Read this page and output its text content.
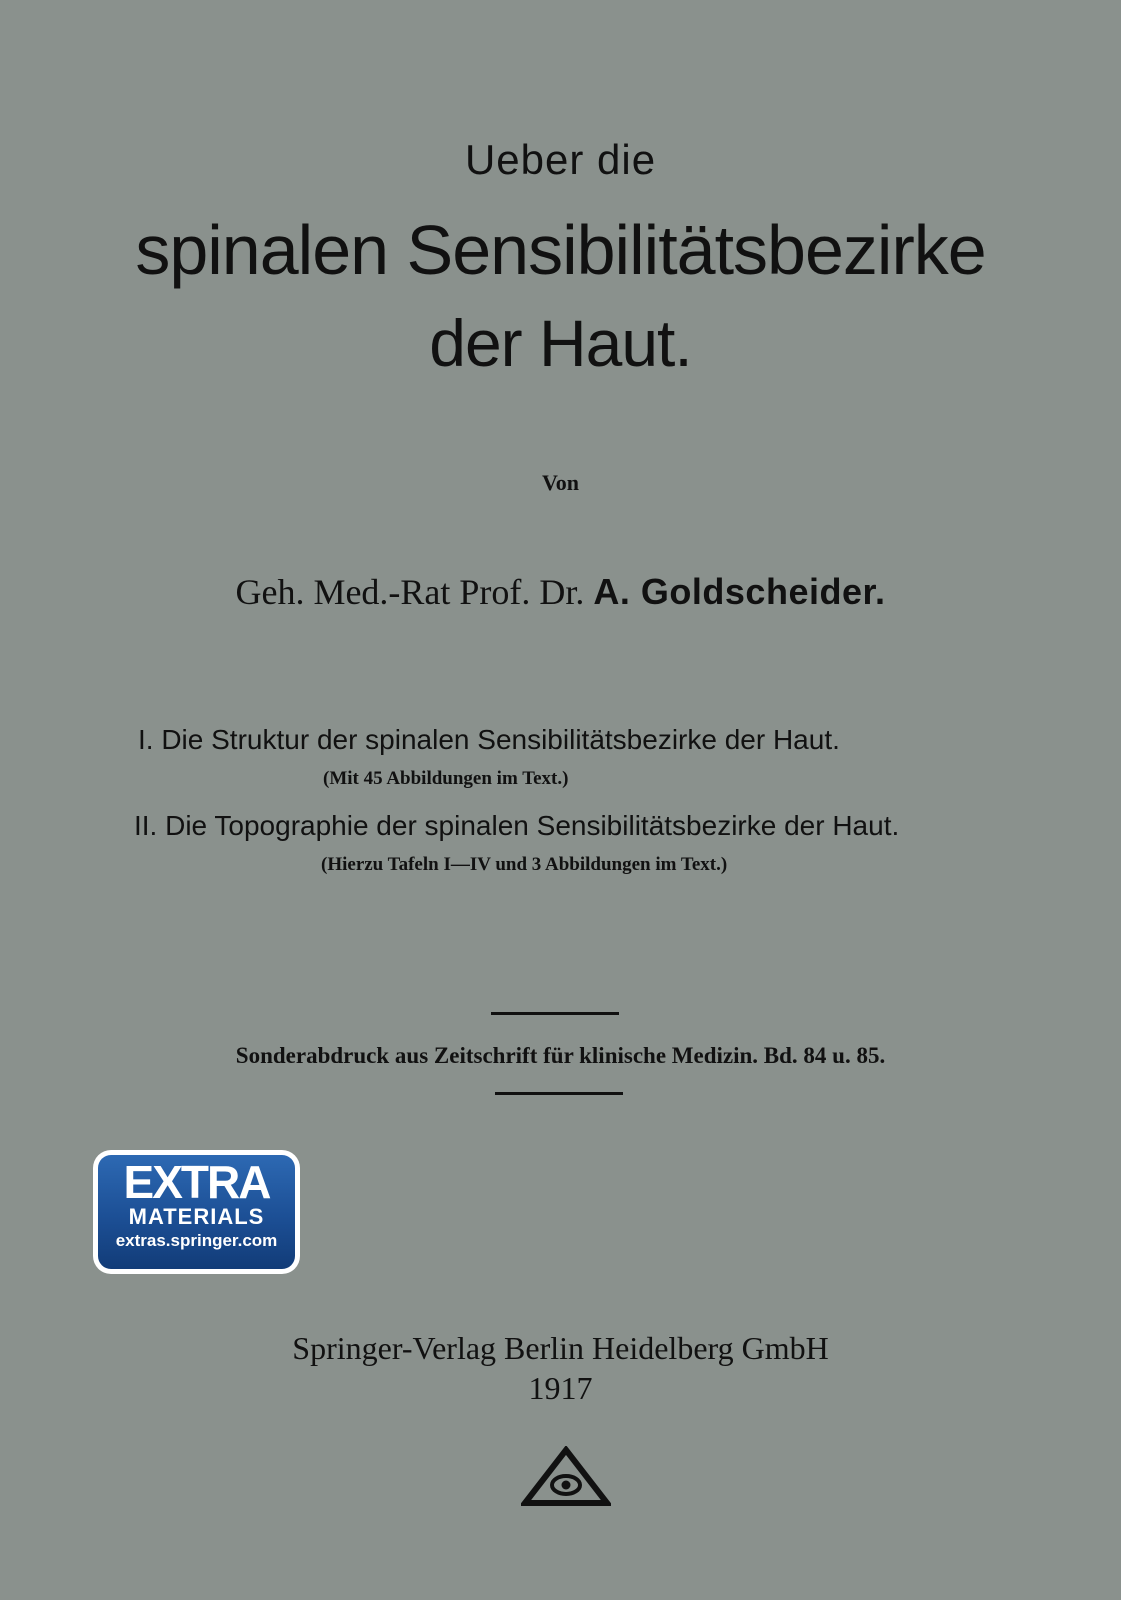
Ueber die
spinalen Sensibilitätsbezirke
der Haut.
Von
Geh. Med.-Rat Prof. Dr. A. Goldscheider.
I. Die Struktur der spinalen Sensibilitätsbezirke der Haut.
(Mit 45 Abbildungen im Text.)
II. Die Topographie der spinalen Sensibilitätsbezirke der Haut.
(Hierzu Tafeln I—IV und 3 Abbildungen im Text.)
Sonderabdruck aus Zeitschrift für klinische Medizin. Bd. 84 u. 85.
EXTRA
MATERIALS
extras.springer.com
Springer-Verlag Berlin Heidelberg GmbH
1917
